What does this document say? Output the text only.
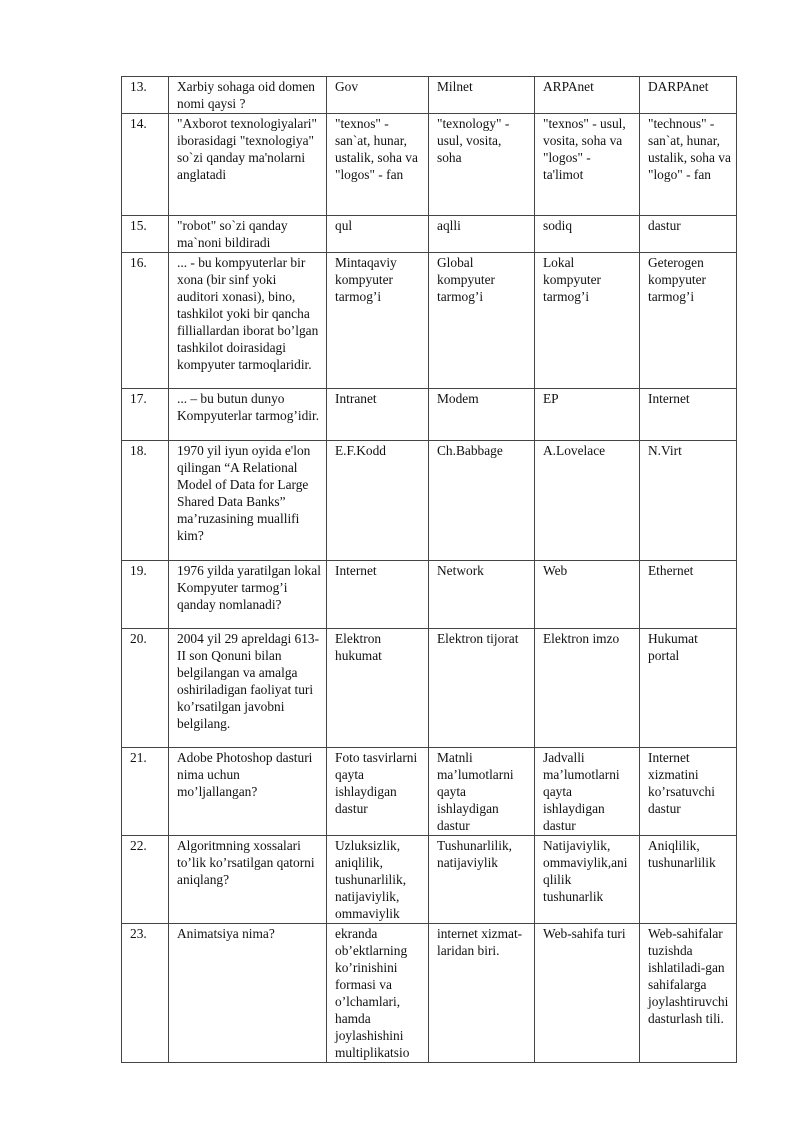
13.	Xarbiy sohaga oid domen nomi qaysi ?	Gov	Milnet	ARPAnet	DARPAnet
14.	"Axborot texnologiyalari" iborasidagi "texnologiya" so`zi qanday ma'nolarni anglatadi	"texnos" - san`at, hunar, ustalik, soha va "logos" - fan	"texnology" - usul, vosita, soha	"texnos" - usul, vosita, soha va "logos" - ta'limot	"technous" - san`at, hunar, ustalik, soha va "logo" - fan
15.	"robot" so`zi qanday ma`noni bildiradi	qul	aqlli	sodiq	dastur
16.	... - bu kompyuterlar bir xona (bir sinf yoki auditori xonasi), bino, tashkilot yoki bir qancha filliallardan iborat bo’lgan tashkilot doirasidagi kompyuter tarmoqlaridir.	Mintaqaviy kompyuter tarmog’i	Global kompyuter tarmog’i	Lokal kompyuter tarmog’i	Geterogen kompyuter tarmog’i
17.	... – bu butun dunyo Kompyuterlar tarmog’idir.	Intranet	Modem	EP	Internet
18.	1970 yil iyun oyida e'lon qilingan “A Relational Model of Data for Large Shared Data Banks” ma’ruzasining muallifi kim?	E.F.Kodd	Ch.Babbage	A.Lovelace	N.Virt
19.	1976 yilda yaratilgan lokal Kompyuter tarmog’i qanday nomlanadi?	Internet	Network	Web	Ethernet
20.	2004 yil 29 apreldagi 613-II son Qonuni bilan belgilangan va amalga oshiriladigan faoliyat turi ko’rsatilgan javobni belgilang.	Elektron hukumat	Elektron tijorat	Elektron imzo	Hukumat portal
21.	Adobe Photoshop dasturi nima uchun mo’ljallangan?	Foto tasvirlarni qayta ishlaydigan dastur	Matnli ma’lumotlarni qayta ishlaydigan dastur	Jadvalli ma’lumotlarni qayta ishlaydigan dastur	Internet xizmatini ko’rsatuvchi dastur
22.	Algoritmning xossalari to’lik ko’rsatilgan qatorni aniqlang?	Uzluksizlik, aniqlilik, tushunarlilik, natijaviylik, ommaviylik	Tushunarlilik, natijaviylik	Natijaviylik, ommaviylik,aniqlilik tushunarlik	Aniqlilik, tushunarlilik
23.	Animatsiya nima?	ekranda ob’ektlarning ko’rinishini formasi va o’lchamlari, hamda joylashishini multiplikatsio	internet xizmat-laridan biri.	Web-sahifa turi	Web-sahifalar tuzishda ishlatiladi-gan sahifalarga joylashtiruvchi dasturlash tili.
